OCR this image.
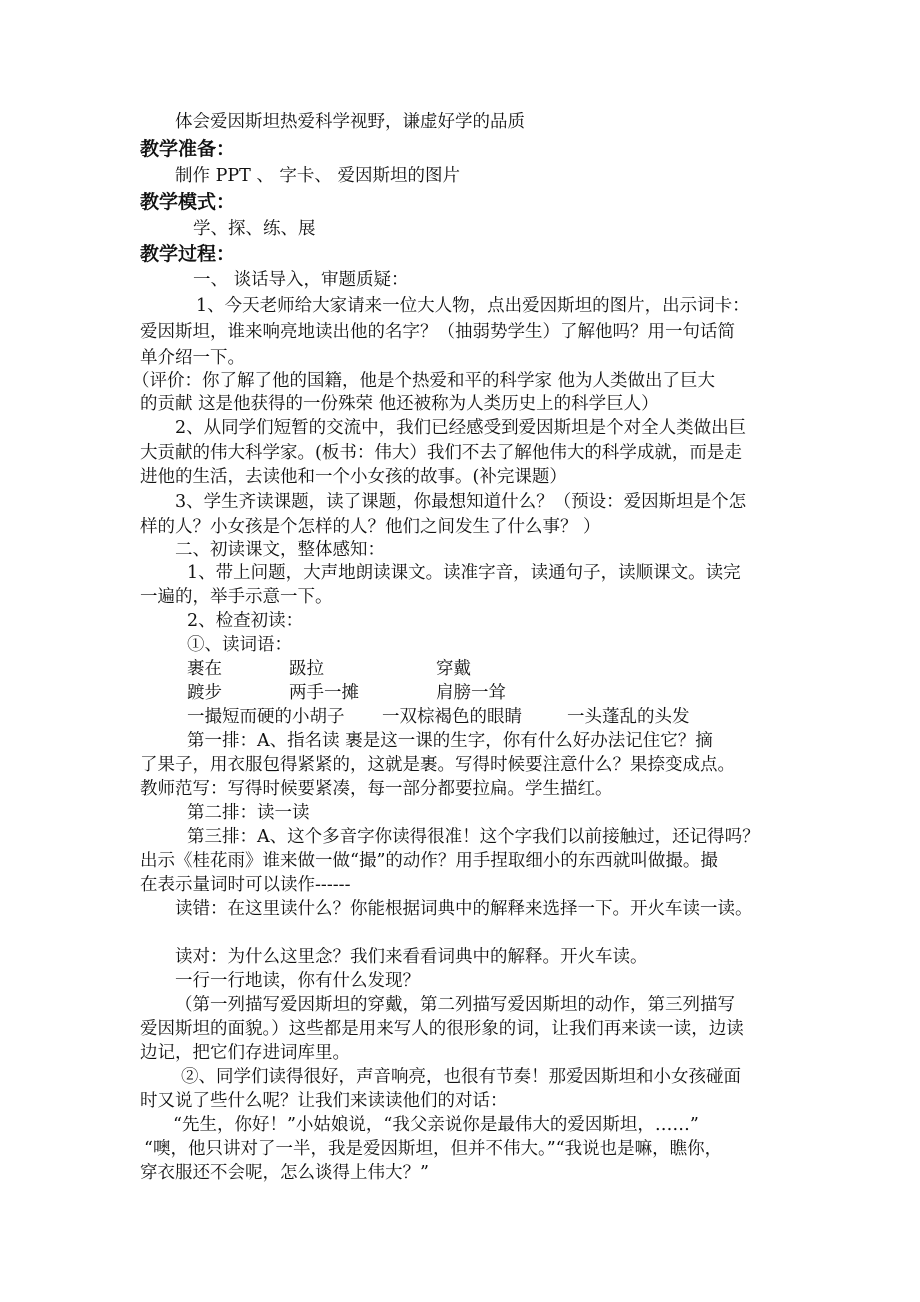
体会爱因斯坦热爱科学视野，谦虚好学的品质
教学准备：
制作 PPT 、 字卡、 爱因斯坦的图片
教学模式：
学、探、练、展
教学过程：
一、 谈话导入，审题质疑：
1、今天老师给大家请来一位大人物，点出爱因斯坦的图片，出示词卡：
爱因斯坦，谁来响亮地读出他的名字？（抽弱势学生）了解他吗？用一句话简
单介绍一下。
（评价：你了解了他的国籍，他是个热爱和平的科学家 他为人类做出了巨大
的贡献 这是他获得的一份殊荣 他还被称为人类历史上的科学巨人）
2、从同学们短暂的交流中，我们已经感受到爱因斯坦是个对全人类做出巨
大贡献的伟大科学家。(板书：伟大）我们不去了解他伟大的科学成就，而是走
进他的生活，去读他和一个小女孩的故事。(补完课题）
3、学生齐读课题，读了课题，你最想知道什么？（预设：爱因斯坦是个怎
样的人？小女孩是个怎样的人？他们之间发生了什么事？ ）
二、初读课文，整体感知：
1、带上问题，大声地朗读课文。读准字音，读通句子，读顺课文。读完
一遍的，举手示意一下。
2、检查初读：
①、读词语：
裹在	趿拉	穿戴
踱步	两手一摊	肩膀一耸
一撮短而硬的小胡子 一双棕褐色的眼睛	一头蓬乱的头发
第一排：A、指名读 裹是这一课的生字，你有什么好办法记住它？摘
了果子，用衣服包得紧紧的，这就是裹。写得时候要注意什么？果捺变成点。
教师范写：写得时候要紧凑，每一部分都要拉扁。学生描红。
第二排：读一读
第三排：A、这个多音字你读得很准！这个字我们以前接触过，还记得吗？
出示《桂花雨》谁来做一做“撮”的动作？用手捏取细小的东西就叫做撮。撮
在表示量词时可以读作------
读错：在这里读什么？你能根据词典中的解释来选择一下。开火车读一读。
读对：为什么这里念？我们来看看词典中的解释。开火车读。
一行一行地读，你有什么发现？
（第一列描写爱因斯坦的穿戴，第二列描写爱因斯坦的动作，第三列描写
爱因斯坦的面貌。）这些都是用来写人的很形象的词，让我们再来读一读，边读
边记，把它们存进词库里。
②、同学们读得很好，声音响亮，也很有节奏！那爱因斯坦和小女孩碰面
时又说了些什么呢？让我们来读读他们的对话：
“先生，你好！”小姑娘说，“我父亲说你是最伟大的爱因斯坦，……”
“噢，他只讲对了一半，我是爱因斯坦，但并不伟大。”“我说也是嘛，瞧你，
穿衣服还不会呢，怎么谈得上伟大？”
